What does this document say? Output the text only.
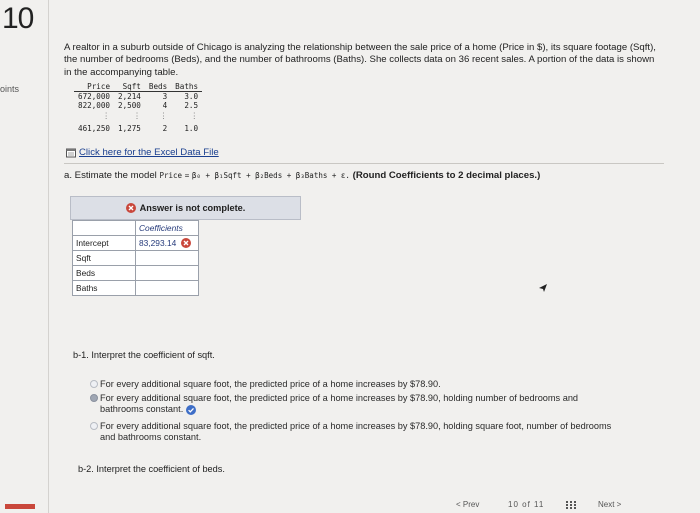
10
oints
A realtor in a suburb outside of Chicago is analyzing the relationship between the sale price of a home (Price in $), its square footage (Sqft), the number of bedrooms (Beds), and the number of bathrooms (Baths). She collects data on 36 recent sales. A portion of the data is shown in the accompanying table.
Price	Sqft	Beds	Baths
672,000	2,214	3	3.0
822,000	2,500	4	2.5
⋮	⋮	⋮	⋮
461,250	1,275	2	1.0
Click here for the Excel Data File
a. Estimate the model Price = β₀ + β₁Sqft + β₂Beds + β₃Baths + ε. (Round Coefficients to 2 decimal places.)
Answer is not complete.
	Coefficients
Intercept	83,293.14
Sqft	
Beds	
Baths	
b-1. Interpret the coefficient of sqft.
For every additional square foot, the predicted price of a home increases by $78.90.
For every additional square foot, the predicted price of a home increases by $78.90, holding number of bedrooms and bathrooms constant.
For every additional square foot, the predicted price of a home increases by $78.90, holding square foot, number of bedrooms and bathrooms constant.
b-2. Interpret the coefficient of beds.
< Prev	10 of 11	Next >
